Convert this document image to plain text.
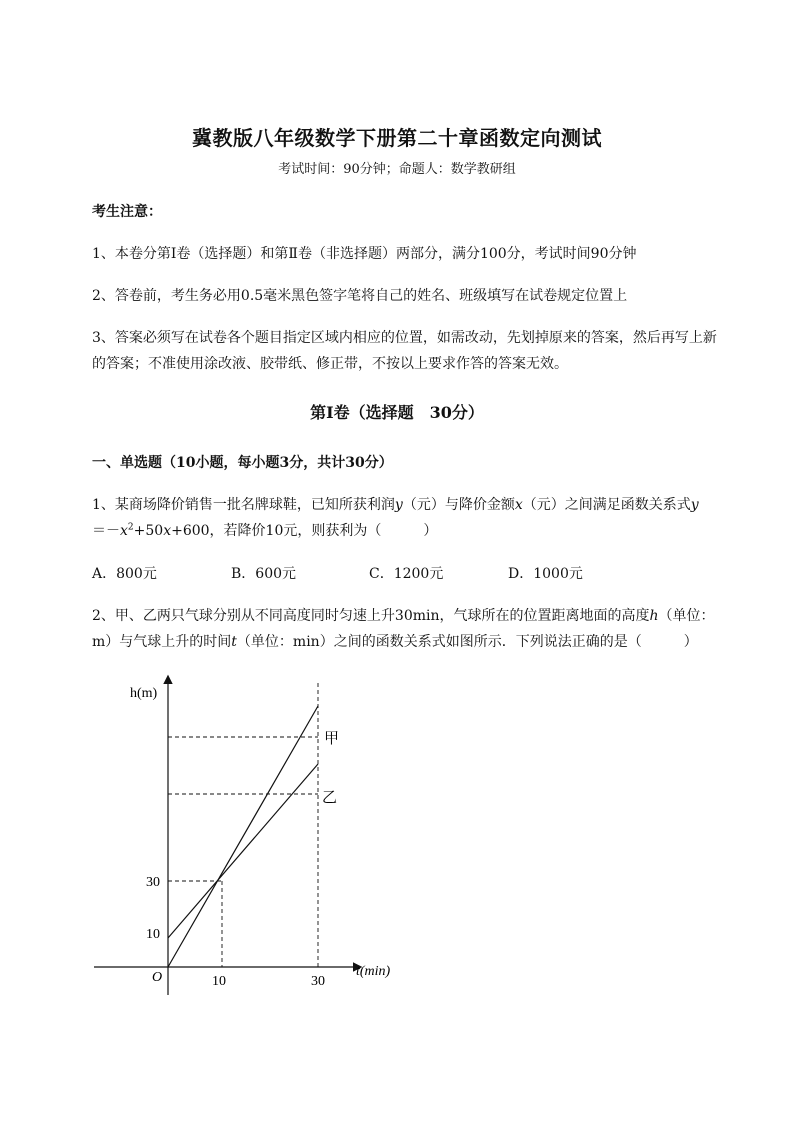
冀教版八年级数学下册第二十章函数定向测试
考试时间：90分钟；命题人：数学教研组
考生注意：
1、本卷分第I卷（选择题）和第Ⅱ卷（非选择题）两部分，满分100分，考试时间90分钟
2、答卷前，考生务必用0.5毫米黑色签字笔将自己的姓名、班级填写在试卷规定位置上
3、答案必须写在试卷各个题目指定区域内相应的位置，如需改动，先划掉原来的答案，然后再写上新
的答案；不准使用涂改液、胶带纸、修正带，不按以上要求作答的答案无效。
第I卷（选择题　30分）
一、单选题（10小题，每小题3分，共计30分）
1、某商场降价销售一批名牌球鞋，已知所获利润y（元）与降价金额x（元）之间满足函数关系式y
$=-x^2+50x+600$，若降价10元，则获利为（　　　）
A．800元	B．600元	C．1200元	D．1000元
2、甲、乙两只气球分别从不同高度同时匀速上升30min，气球所在的位置距离地面的高度h（单位：
m）与气球上升的时间t（单位：min）之间的函数关系式如图所示．下列说法正确的是（　　　）
h(m)
t(min)
O
30
10
10	30
甲
乙
